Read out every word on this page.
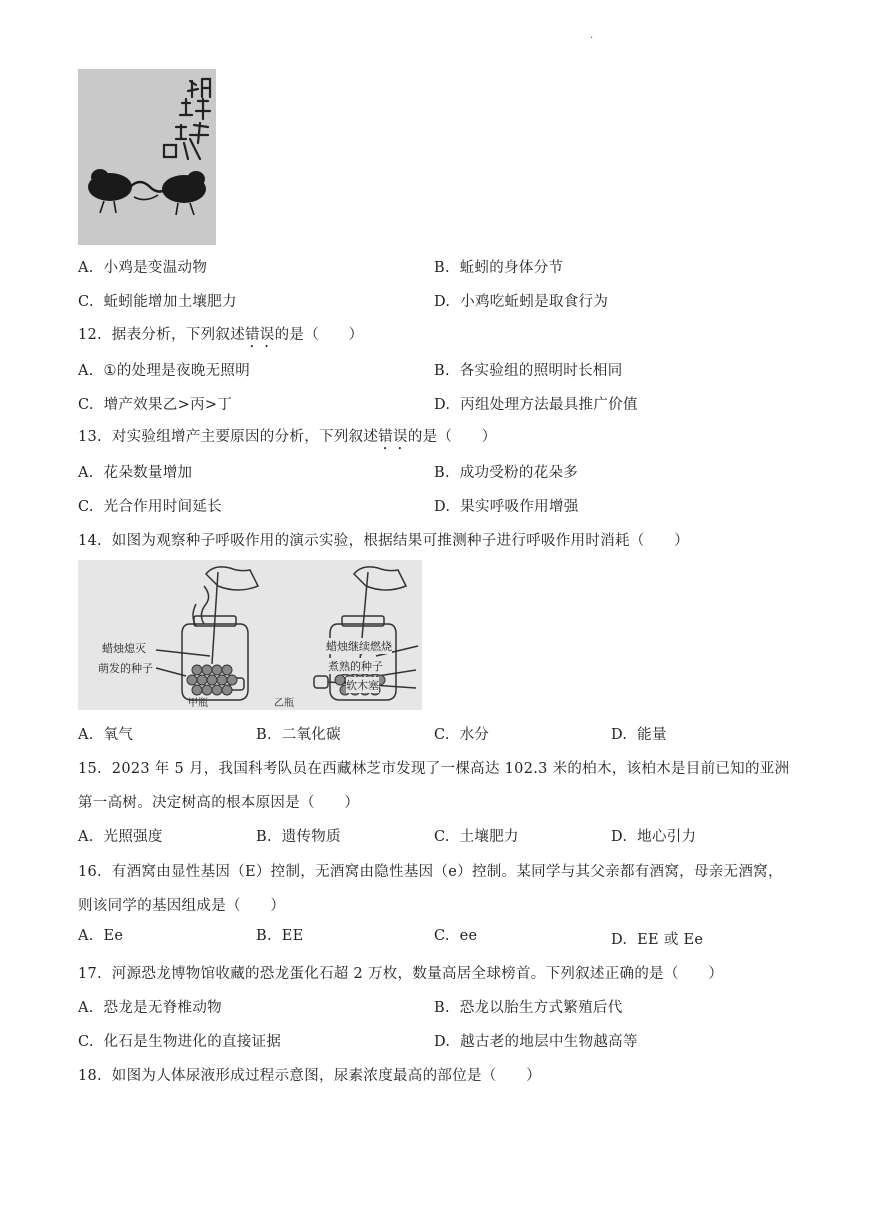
.
A. 小鸡是变温动物	B. 蚯蚓的身体分节
C. 蚯蚓能增加土壤肥力	D. 小鸡吃蚯蚓是取食行为
12. 据表分析，下列叙述错误的是（　　）
A. ①的处理是夜晚无照明	B. 各实验组的照明时长相同
C. 增产效果乙>丙>丁	D. 丙组处理方法最具推广价值
13. 对实验组增产主要原因的分析，下列叙述错误的是（　　）
A. 花朵数量增加	B. 成功受粉的花朵多
C. 光合作用时间延长	D. 果实呼吸作用增强
14. 如图为观察种子呼吸作用的演示实验，根据结果可推测种子进行呼吸作用时消耗（　　）
蜡烛熄灭
萌发的种子
蜡烛继续燃烧
煮熟的种子
软木塞
甲瓶	乙瓶
A. 氧气	B. 二氧化碳	C. 水分	D. 能量
15. 2023 年 5 月，我国科考队员在西藏林芝市发现了一棵高达 102.3 米的柏木，该柏木是目前已知的亚洲
第一高树。决定树高的根本原因是（　　）
A. 光照强度	B. 遗传物质	C. 土壤肥力	D. 地心引力
16. 有酒窝由显性基因（E）控制，无酒窝由隐性基因（e）控制。某同学与其父亲都有酒窝，母亲无酒窝，
则该同学的基因组成是（　　）
A. Ee	B. EE	C. ee	D. EE 或 Ee
17. 河源恐龙博物馆收藏的恐龙蛋化石超 2 万枚，数量高居全球榜首。下列叙述正确的是（　　）
A. 恐龙是无脊椎动物	B. 恐龙以胎生方式繁殖后代
C. 化石是生物进化的直接证据	D. 越古老的地层中生物越高等
18. 如图为人体尿液形成过程示意图，尿素浓度最高的部位是（　　）
